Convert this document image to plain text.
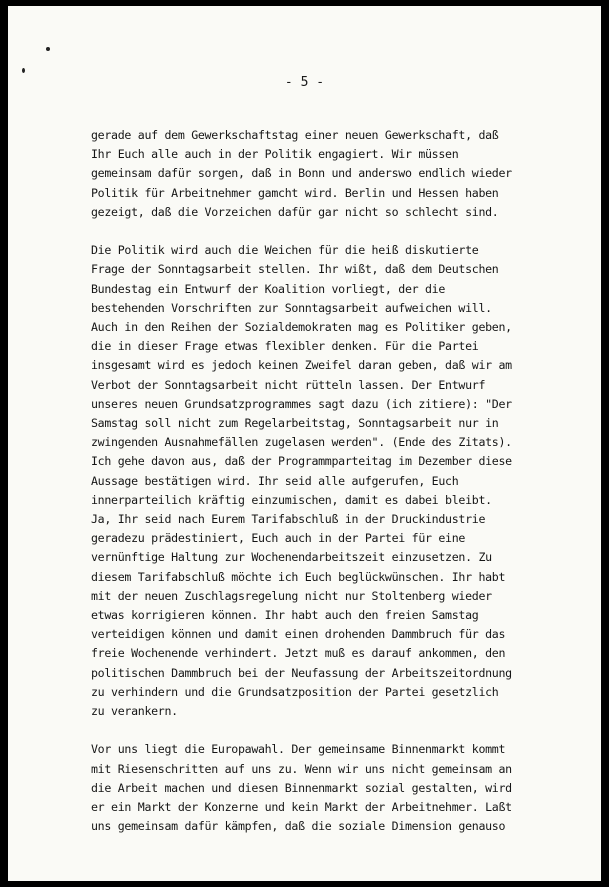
- 5 -
gerade auf dem Gewerkschaftstag einer neuen Gewerkschaft, daß
Ihr Euch alle auch in der Politik engagiert. Wir müssen
gemeinsam dafür sorgen, daß in Bonn und anderswo endlich wieder
Politik für Arbeitnehmer gamcht wird. Berlin und Hessen haben
gezeigt, daß die Vorzeichen dafür gar nicht so schlecht sind.
Die Politik wird auch die Weichen für die heiß diskutierte
Frage der Sonntagsarbeit stellen. Ihr wißt, daß dem Deutschen
Bundestag ein Entwurf der Koalition vorliegt, der die
bestehenden Vorschriften zur Sonntagsarbeit aufweichen will.
Auch in den Reihen der Sozialdemokraten mag es Politiker geben,
die in dieser Frage etwas flexibler denken. Für die Partei
insgesamt wird es jedoch keinen Zweifel daran geben, daß wir am
Verbot der Sonntagsarbeit nicht rütteln lassen. Der Entwurf
unseres neuen Grundsatzprogrammes sagt dazu (ich zitiere): "Der
Samstag soll nicht zum Regelarbeitstag, Sonntagsarbeit nur in
zwingenden Ausnahmefällen zugelasen werden". (Ende des Zitats).
Ich gehe davon aus, daß der Programmparteitag im Dezember diese
Aussage bestätigen wird. Ihr seid alle aufgerufen, Euch
innerparteilich kräftig einzumischen, damit es dabei bleibt.
Ja, Ihr seid nach Eurem Tarifabschluß in der Druckindustrie
geradezu prädestiniert, Euch auch in der Partei für eine
vernünftige Haltung zur Wochenendarbeitszeit einzusetzen. Zu
diesem Tarifabschluß möchte ich Euch beglückwünschen. Ihr habt
mit der neuen Zuschlagsregelung nicht nur Stoltenberg wieder
etwas korrigieren können. Ihr habt auch den freien Samstag
verteidigen können und damit einen drohenden Dammbruch für das
freie Wochenende verhindert. Jetzt muß es darauf ankommen, den
politischen Dammbruch bei der Neufassung der Arbeitszeitordnung
zu verhindern und die Grundsatzposition der Partei gesetzlich
zu verankern.
Vor uns liegt die Europawahl. Der gemeinsame Binnenmarkt kommt
mit Riesenschritten auf uns zu. Wenn wir uns nicht gemeinsam an
die Arbeit machen und diesen Binnenmarkt sozial gestalten, wird
er ein Markt der Konzerne und kein Markt der Arbeitnehmer. Laßt
uns gemeinsam dafür kämpfen, daß die soziale Dimension genauso
